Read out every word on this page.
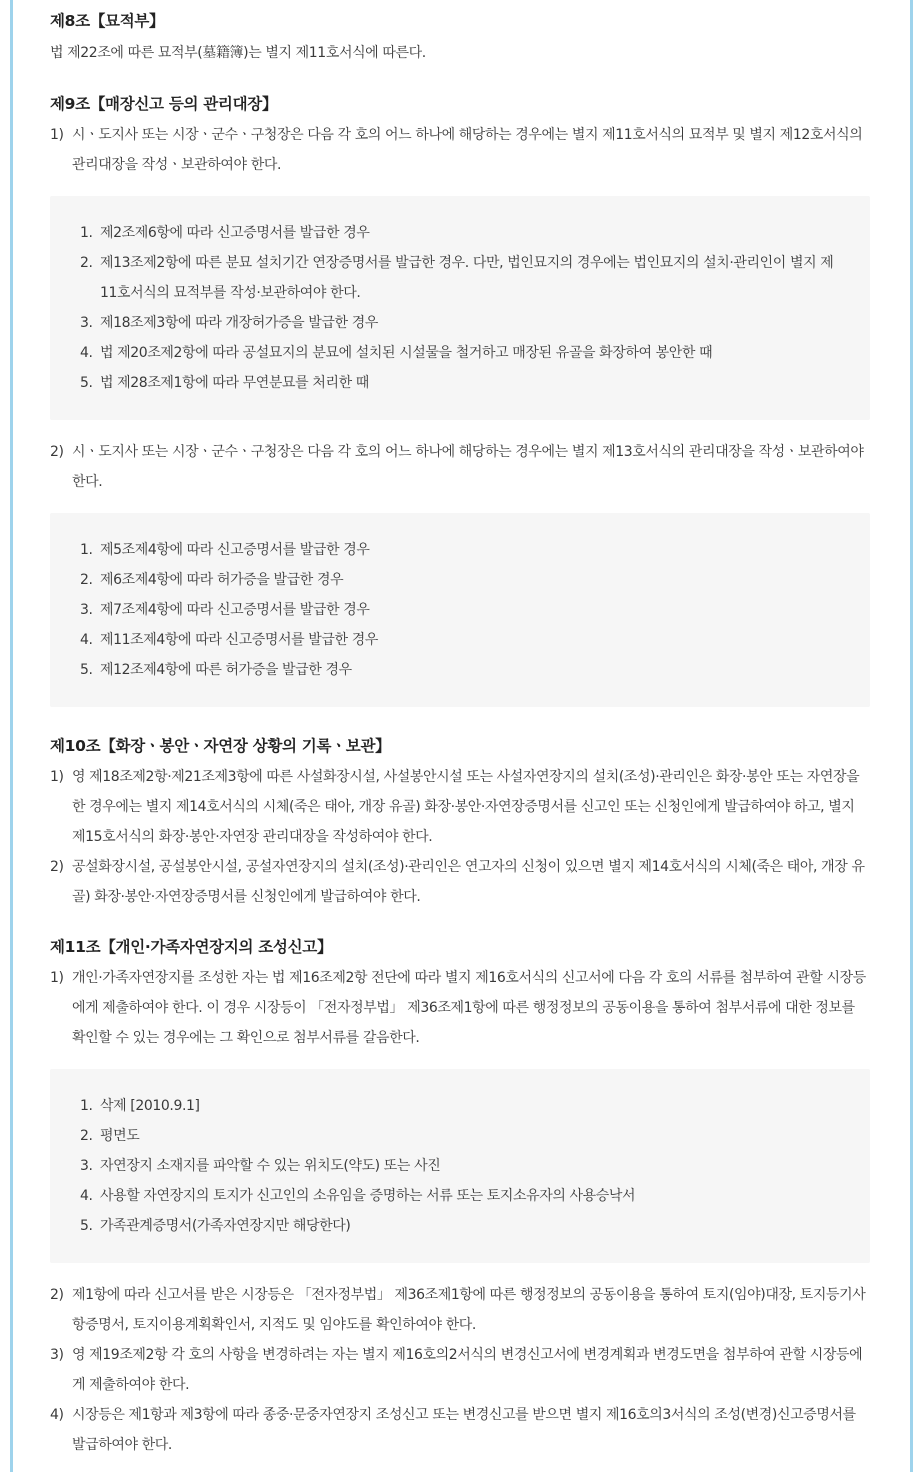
제8조【묘적부】

법 제22조에 따른 묘적부(墓籍簿)는 별지 제11호서식에 따른다.

제9조【매장신고 등의 관리대장】
1) 시ㆍ도지사 또는 시장ㆍ군수ㆍ구청장은 다음 각 호의 어느 하나에 해당하는 경우에는 별지 제11호서식의 묘적부 및 별지 제12호서식의 관리대장을 작성ㆍ보관하여야 한다.
1. 제2조제6항에 따라 신고증명서를 발급한 경우
2. 제13조제2항에 따른 분묘 설치기간 연장증명서를 발급한 경우. 다만, 법인묘지의 경우에는 법인묘지의 설치·관리인이 별지 제11호서식의 묘적부를 작성·보관하여야 한다.
3. 제18조제3항에 따라 개장허가증을 발급한 경우
4. 법 제20조제2항에 따라 공설묘지의 분묘에 설치된 시설물을 철거하고 매장된 유골을 화장하여 봉안한 때
5. 법 제28조제1항에 따라 무연분묘를 처리한 때
2) 시ㆍ도지사 또는 시장ㆍ군수ㆍ구청장은 다음 각 호의 어느 하나에 해당하는 경우에는 별지 제13호서식의 관리대장을 작성ㆍ보관하여야 한다.
1. 제5조제4항에 따라 신고증명서를 발급한 경우
2. 제6조제4항에 따라 허가증을 발급한 경우
3. 제7조제4항에 따라 신고증명서를 발급한 경우
4. 제11조제4항에 따라 신고증명서를 발급한 경우
5. 제12조제4항에 따른 허가증을 발급한 경우
제10조【화장ㆍ봉안ㆍ자연장 상황의 기록ㆍ보관】
1) 영 제18조제2항·제21조제3항에 따른 사설화장시설, 사설봉안시설 또는 사설자연장지의 설치(조성)·관리인은 화장·봉안 또는 자연장을 한 경우에는 별지 제14호서식의 시체(죽은 태아, 개장 유골) 화장·봉안·자연장증명서를 신고인 또는 신청인에게 발급하여야 하고, 별지 제15호서식의 화장·봉안·자연장 관리대장을 작성하여야 한다.
2) 공설화장시설, 공설봉안시설, 공설자연장지의 설치(조성)·관리인은 연고자의 신청이 있으면 별지 제14호서식의 시체(죽은 태아, 개장 유골) 화장·봉안·자연장증명서를 신청인에게 발급하여야 한다.
제11조【개인·가족자연장지의 조성신고】
1) 개인·가족자연장지를 조성한 자는 법 제16조제2항 전단에 따라 별지 제16호서식의 신고서에 다음 각 호의 서류를 첨부하여 관할 시장등에게 제출하여야 한다. 이 경우 시장등이 「전자정부법」 제36조제1항에 따른 행정정보의 공동이용을 통하여 첨부서류에 대한 정보를 확인할 수 있는 경우에는 그 확인으로 첨부서류를 갈음한다.
1. 삭제 [2010.9.1]
2. 평면도
3. 자연장지 소재지를 파악할 수 있는 위치도(약도) 또는 사진
4. 사용할 자연장지의 토지가 신고인의 소유임을 증명하는 서류 또는 토지소유자의 사용승낙서
5. 가족관계증명서(가족자연장지만 해당한다)
2) 제1항에 따라 신고서를 받은 시장등은 「전자정부법」 제36조제1항에 따른 행정정보의 공동이용을 통하여 토지(임야)대장, 토지등기사항증명서, 토지이용계획확인서, 지적도 및 임야도를 확인하여야 한다.
3) 영 제19조제2항 각 호의 사항을 변경하려는 자는 별지 제16호의2서식의 변경신고서에 변경계획과 변경도면을 첨부하여 관할 시장등에게 제출하여야 한다.
4) 시장등은 제1항과 제3항에 따라 종중·문중자연장지 조성신고 또는 변경신고를 받으면 별지 제16호의3서식의 조성(변경)신고증명서를 발급하여야 한다.
